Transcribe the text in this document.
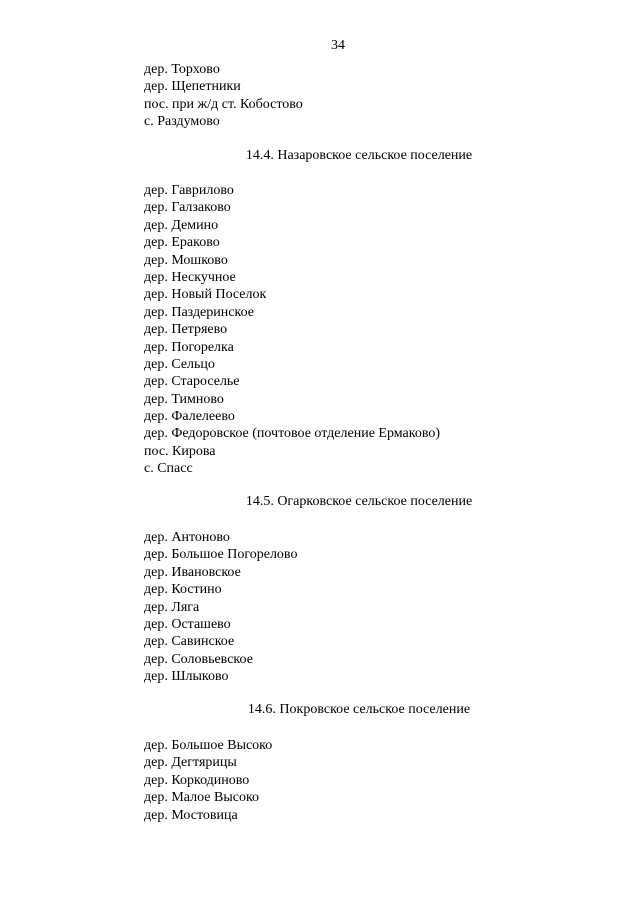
34
дер. Торхово
дер. Щепетники
пос. при ж/д ст. Кобостово
с. Раздумово
14.4. Назаровское сельское поселение
дер. Гаврилово
дер. Галзаково
дер. Демино
дер. Ераково
дер. Мошково
дер. Нескучное
дер. Новый Поселок
дер. Паздеринское
дер. Петряево
дер. Погорелка
дер. Сельцо
дер. Староселье
дер. Тимново
дер. Фалелеево
дер. Федоровское (почтовое отделение Ермаково)
пос. Кирова
с. Спасс
14.5. Огарковское сельское поселение
дер. Антоново
дер. Большое Погорелово
дер. Ивановское
дер. Костино
дер. Ляга
дер. Осташево
дер. Савинское
дер. Соловьевское
дер. Шлыково
14.6. Покровское сельское поселение
дер. Большое Высоко
дер. Дегтярицы
дер. Коркодиново
дер. Малое Высоко
дер. Мостовица
